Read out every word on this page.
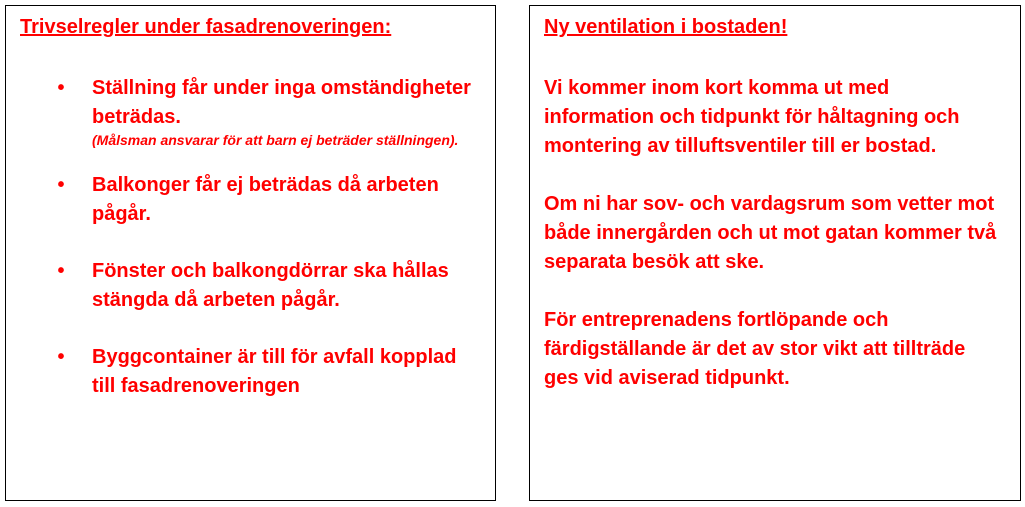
Trivselregler under fasadrenoveringen:
• Ställning får under inga omständigheter beträdas.
(Målsman ansvarar för att barn ej beträder ställningen).
• Balkonger får ej beträdas då arbeten pågår.
• Fönster och balkongdörrar ska hållas stängda då arbeten pågår.
• Byggcontainer är till för avfall kopplad till fasadrenoveringen
Ny ventilation i bostaden!

Vi kommer inom kort komma ut med information och tidpunkt för håltagning och montering av tilluftsventiler till er bostad.

Om ni har sov- och vardagsrum som vetter mot både innergården och ut mot gatan kommer två separata besök att ske.

För entreprenadens fortlöpande och färdigställande är det av stor vikt att tillträde ges vid aviserad tidpunkt.
